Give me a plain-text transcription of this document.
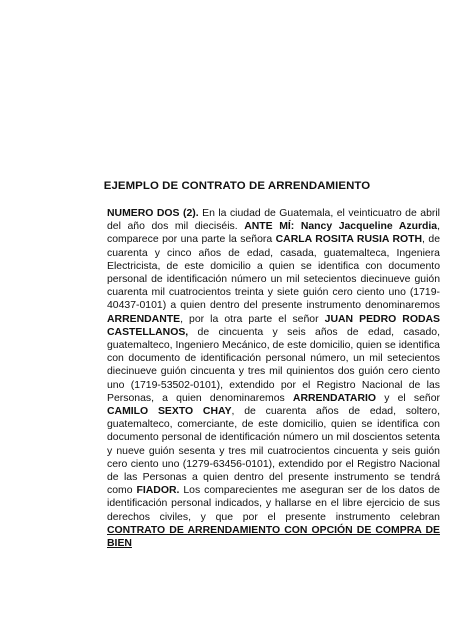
EJEMPLO DE CONTRATO DE ARRENDAMIENTO

NUMERO DOS (2). En la ciudad de Guatemala, el veinticuatro de abril del año dos mil dieciséis. ANTE MÍ: Nancy Jacqueline Azurdia, comparece por una parte la señora CARLA ROSITA RUSIA ROTH, de cuarenta y cinco años de edad, casada, guatemalteca, Ingeniera Electricista, de este domicilio a quien se identifica con documento personal de identificación número un mil setecientos diecinueve guión cuarenta mil cuatrocientos treinta y siete guión cero ciento uno (1719-40437-0101) a quien dentro del presente instrumento denominaremos ARRENDANTE, por la otra parte el señor JUAN PEDRO RODAS CASTELLANOS, de cincuenta y seis años de edad, casado, guatemalteco, Ingeniero Mecánico, de este domicilio, quien se identifica con documento de identificación personal número, un mil setecientos diecinueve guión cincuenta y tres mil quinientos dos guión cero ciento uno (1719-53502-0101), extendido por el Registro Nacional de las Personas, a quien denominaremos ARRENDATARIO y el señor CAMILO SEXTO CHAY, de cuarenta años de edad, soltero, guatemalteco, comerciante, de este domicilio, quien se identifica con documento personal de identificación número un mil doscientos setenta y nueve guión sesenta y tres mil cuatrocientos cincuenta y seis guión cero ciento uno (1279-63456-0101), extendido por el Registro Nacional de las Personas a quien dentro del presente instrumento se tendrá como FIADOR. Los comparecientes me aseguran ser de los datos de identificación personal indicados, y hallarse en el libre ejercicio de sus derechos civiles, y que por el presente instrumento celebran CONTRATO DE ARRENDAMIENTO CON OPCIÓN DE COMPRA DE BIEN
